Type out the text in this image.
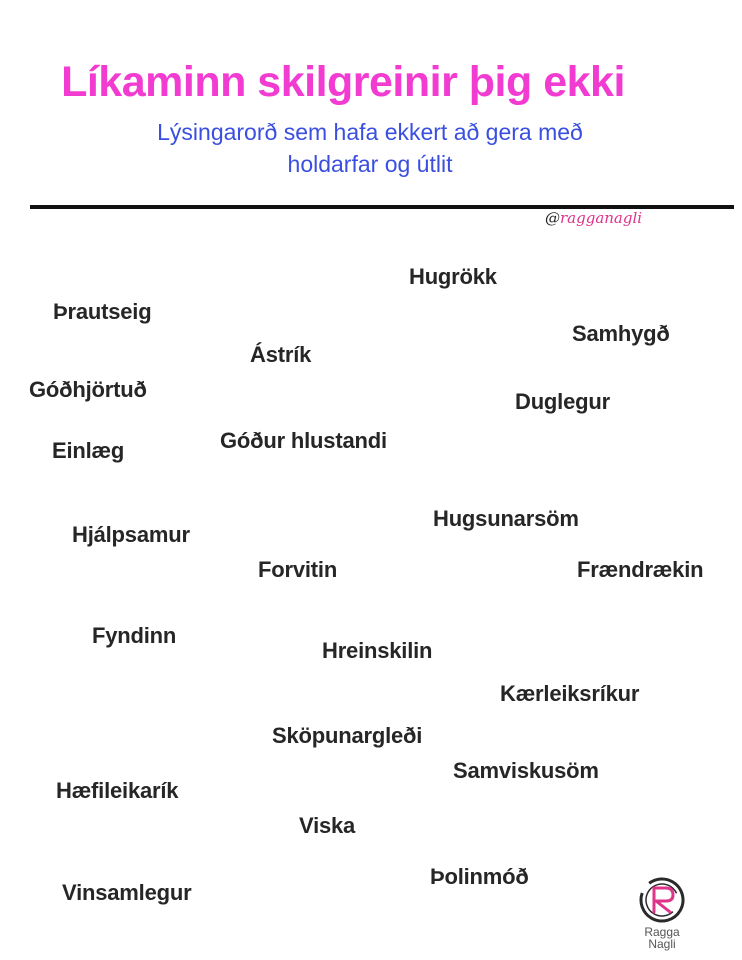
Líkaminn skilgreinir þig ekki
Lýsingarorð sem hafa ekkert að gera með
holdarfar og útlit
@ragganagli
Hugrökk
Þrautseig
Samhygð
Ástrík
Góðhjörtuð	Duglegur
Einlæg	Góður hlustandi
Hugsunarsöm
Hjálpsamur
Forvitin	Frændrækin
Fyndinn
Hreinskilin
Kærleiksríkur
Sköpunargleði
Samviskusöm
Hæfileikarík
Viska
Þolinmóð
Vinsamlegur
Ragga
Nagli
